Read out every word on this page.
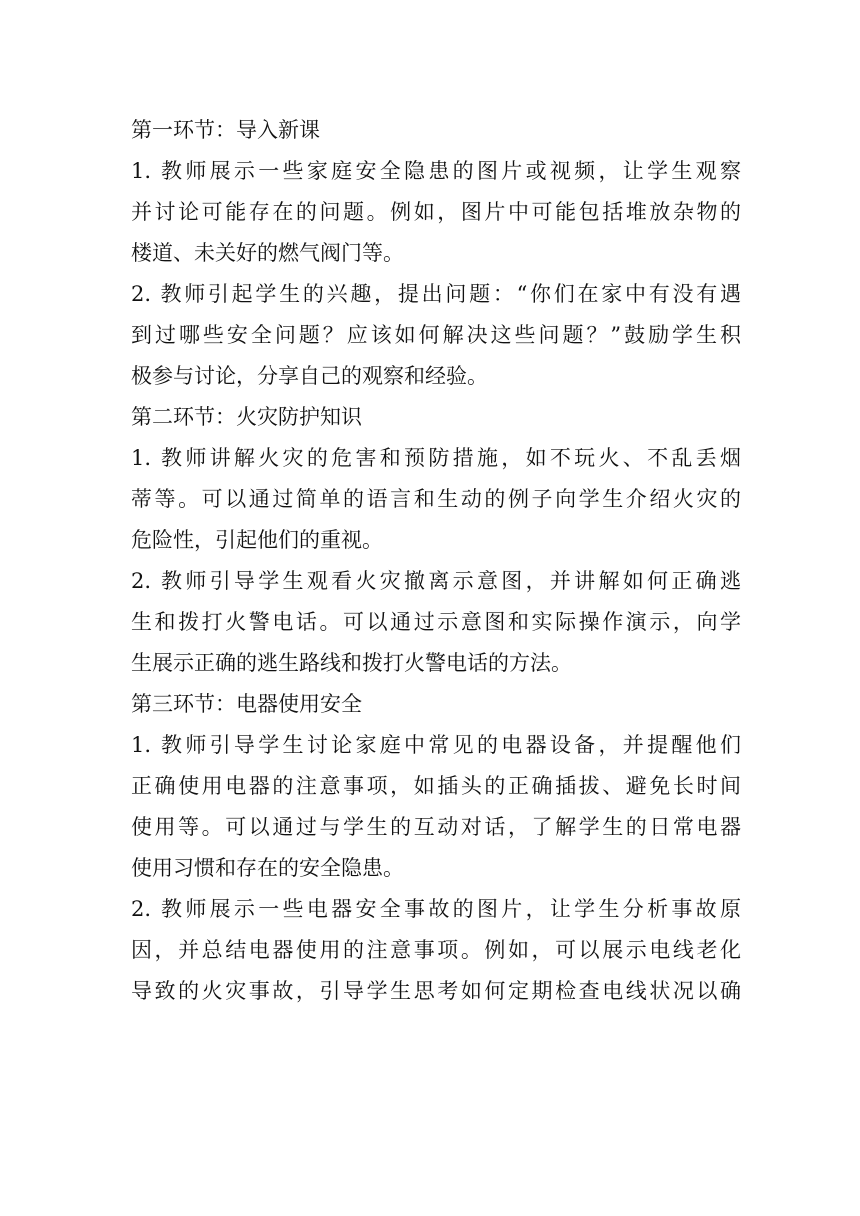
第一环节：导入新课
1. 教师展示一些家庭安全隐患的图片或视频，让学生观察
并讨论可能存在的问题。例如，图片中可能包括堆放杂物的
楼道、未关好的燃气阀门等。
2. 教师引起学生的兴趣，提出问题：“你们在家中有没有遇
到过哪些安全问题？应该如何解决这些问题？”鼓励学生积
极参与讨论，分享自己的观察和经验。
第二环节：火灾防护知识
1. 教师讲解火灾的危害和预防措施，如不玩火、不乱丢烟
蒂等。可以通过简单的语言和生动的例子向学生介绍火灾的
危险性，引起他们的重视。
2. 教师引导学生观看火灾撤离示意图，并讲解如何正确逃
生和拨打火警电话。可以通过示意图和实际操作演示，向学
生展示正确的逃生路线和拨打火警电话的方法。
第三环节：电器使用安全
1. 教师引导学生讨论家庭中常见的电器设备，并提醒他们
正确使用电器的注意事项，如插头的正确插拔、避免长时间
使用等。可以通过与学生的互动对话，了解学生的日常电器
使用习惯和存在的安全隐患。
2. 教师展示一些电器安全事故的图片，让学生分析事故原
因，并总结电器使用的注意事项。例如，可以展示电线老化
导致的火灾事故，引导学生思考如何定期检查电线状况以确
